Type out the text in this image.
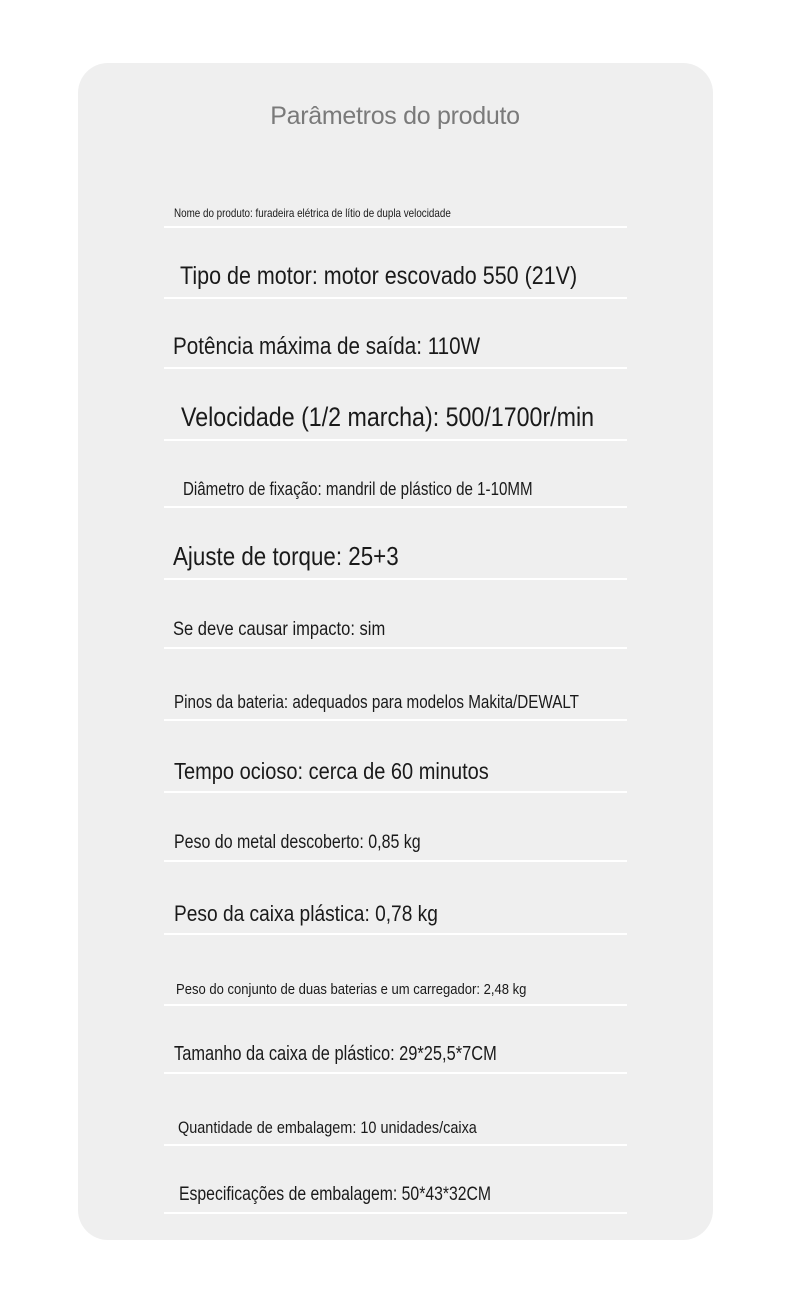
Parâmetros do produto
Nome do produto: furadeira elétrica de lítio de dupla velocidade
Tipo de motor: motor escovado 550 (21V)
Potência máxima de saída: 110W
Velocidade (1/2 marcha): 500/1700r/min
Diâmetro de fixação: mandril de plástico de 1-10MM
Ajuste de torque: 25+3
Se deve causar impacto: sim
Pinos da bateria: adequados para modelos Makita/DEWALT
Tempo ocioso: cerca de 60 minutos
Peso do metal descoberto: 0,85 kg
Peso da caixa plástica: 0,78 kg
Peso do conjunto de duas baterias e um carregador: 2,48 kg
Tamanho da caixa de plástico: 29*25,5*7CM
Quantidade de embalagem: 10 unidades/caixa
Especificações de embalagem: 50*43*32CM
